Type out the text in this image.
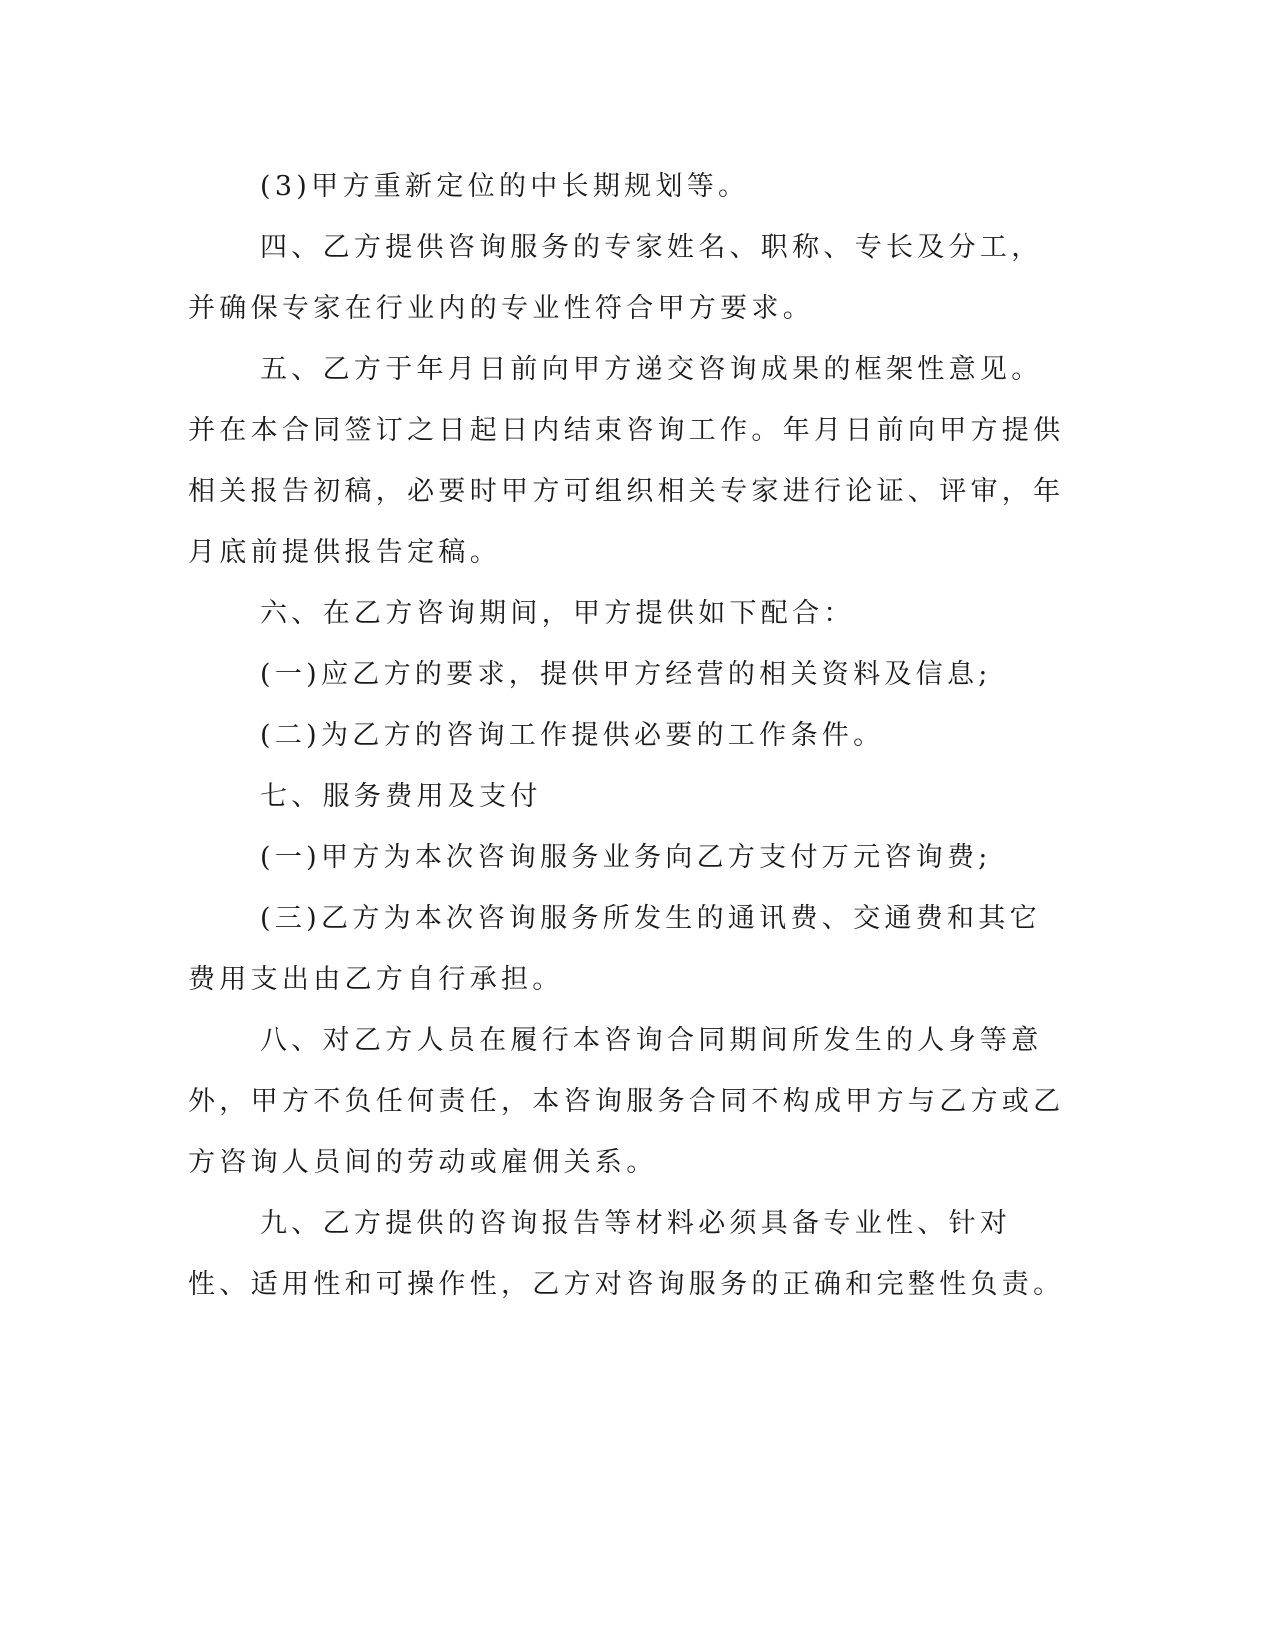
(3)甲方重新定位的中长期规划等。

四、乙方提供咨询服务的专家姓名、职称、专长及分工，并确保专家在行业内的专业性符合甲方要求。

五、乙方于年月日前向甲方递交咨询成果的框架性意见。并在本合同签订之日起日内结束咨询工作。年月日前向甲方提供相关报告初稿，必要时甲方可组织相关专家进行论证、评审，年月底前提供报告定稿。

六、在乙方咨询期间，甲方提供如下配合：

(一)应乙方的要求，提供甲方经营的相关资料及信息;

(二)为乙方的咨询工作提供必要的工作条件。

七、服务费用及支付

(一)甲方为本次咨询服务业务向乙方支付万元咨询费;

(三)乙方为本次咨询服务所发生的通讯费、交通费和其它费用支出由乙方自行承担。

八、对乙方人员在履行本咨询合同期间所发生的人身等意外，甲方不负任何责任，本咨询服务合同不构成甲方与乙方或乙方咨询人员间的劳动或雇佣关系。

九、乙方提供的咨询报告等材料必须具备专业性、针对性、适用性和可操作性，乙方对咨询服务的正确和完整性负责。
